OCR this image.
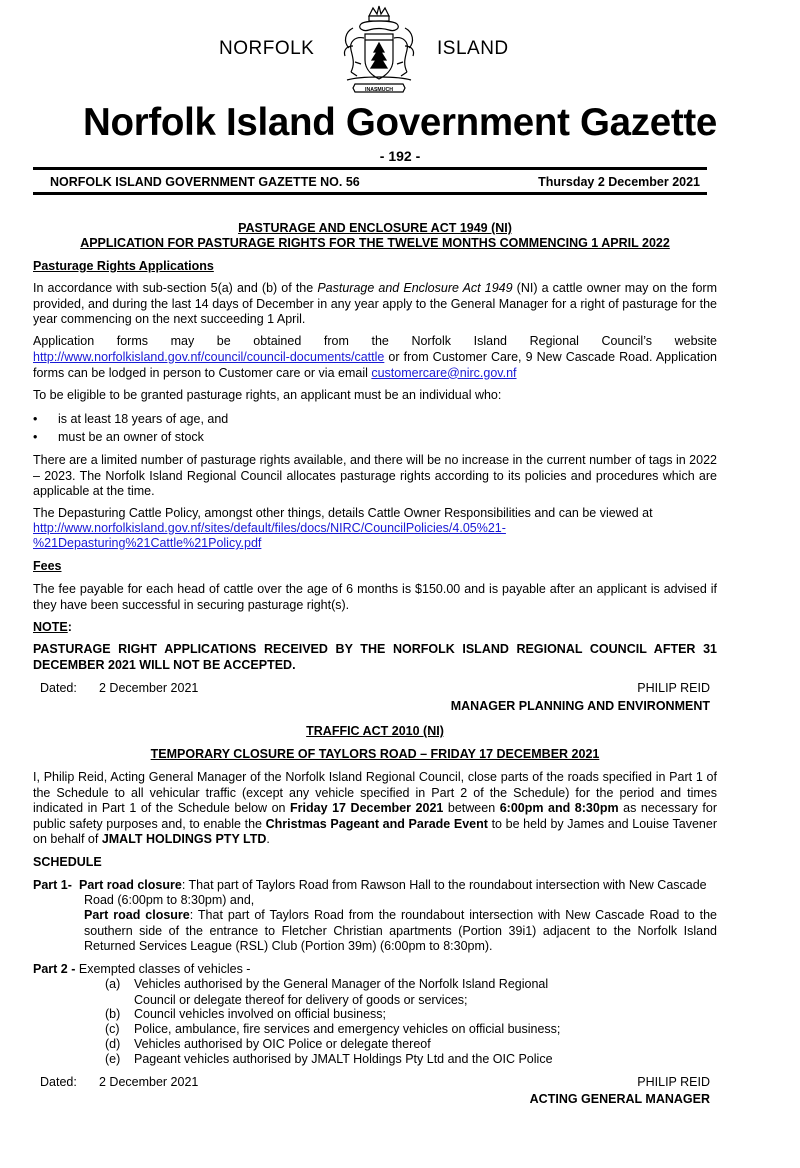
NORFOLK
INASMUCH
ISLAND
Norfolk Island Government Gazette
- 192 -
NORFOLK ISLAND GOVERNMENT GAZETTE NO. 56	Thursday 2 December 2021
PASTURAGE AND ENCLOSURE ACT 1949 (NI)
APPLICATION FOR PASTURAGE RIGHTS FOR THE TWELVE MONTHS COMMENCING 1 APRIL 2022
Pasturage Rights Applications
In accordance with sub-section 5(a) and (b) of the Pasturage and Enclosure Act 1949 (NI) a cattle owner may on the form provided, and during the last 14 days of December in any year apply to the General Manager for a right of pasturage for the year commencing on the next succeeding 1 April.
Application forms may be obtained from the Norfolk Island Regional Council’s website
http://www.norfolkisland.gov.nf/council/council-documents/cattle or from Customer Care, 9 New Cascade Road. Application forms can be lodged in person to Customer care or via email customercare@nirc.gov.nf
To be eligible to be granted pasturage rights, an applicant must be an individual who:
• is at least 18 years of age, and
• must be an owner of stock
There are a limited number of pasturage rights available, and there will be no increase in the current number of tags in 2022 – 2023. The Norfolk Island Regional Council allocates pasturage rights according to its policies and procedures which are applicable at the time.
The Depasturing Cattle Policy, amongst other things, details Cattle Owner Responsibilities and can be viewed at
http://www.norfolkisland.gov.nf/sites/default/files/docs/NIRC/CouncilPolicies/4.05%21-
%21Depasturing%21Cattle%21Policy.pdf
Fees
The fee payable for each head of cattle over the age of 6 months is $150.00 and is payable after an applicant is advised if they have been successful in securing pasturage right(s).
NOTE:
PASTURAGE RIGHT APPLICATIONS RECEIVED BY THE NORFOLK ISLAND REGIONAL COUNCIL AFTER 31 DECEMBER 2021 WILL NOT BE ACCEPTED.
Dated: 2 December 2021	PHILIP REID
MANAGER PLANNING AND ENVIRONMENT
TRAFFIC ACT 2010 (NI)
TEMPORARY CLOSURE OF TAYLORS ROAD – FRIDAY 17 DECEMBER 2021
I, Philip Reid, Acting General Manager of the Norfolk Island Regional Council, close parts of the roads specified in Part 1 of the Schedule to all vehicular traffic (except any vehicle specified in Part 2 of the Schedule) for the period and times indicated in Part 1 of the Schedule below on Friday 17 December 2021 between 6:00pm and 8:30pm as necessary for public safety purposes and, to enable the Christmas Pageant and Parade Event to be held by James and Louise Tavener on behalf of JMALT HOLDINGS PTY LTD.
SCHEDULE
Part 1- Part road closure: That part of Taylors Road from Rawson Hall to the roundabout intersection with New Cascade
Road (6:00pm to 8:30pm) and,
Part road closure: That part of Taylors Road from the roundabout intersection with New Cascade Road to the southern side of the entrance to Fletcher Christian apartments (Portion 39i1) adjacent to the Norfolk Island Returned Services League (RSL) Club (Portion 39m) (6:00pm to 8:30pm).
Part 2 - Exempted classes of vehicles -
(a) Vehicles authorised by the General Manager of the Norfolk Island Regional
Council or delegate thereof for delivery of goods or services;
(b) Council vehicles involved on official business;
(c) Police, ambulance, fire services and emergency vehicles on official business;
(d) Vehicles authorised by OIC Police or delegate thereof
(e) Pageant vehicles authorised by JMALT Holdings Pty Ltd and the OIC Police
Dated: 2 December 2021	PHILIP REID
ACTING GENERAL MANAGER
